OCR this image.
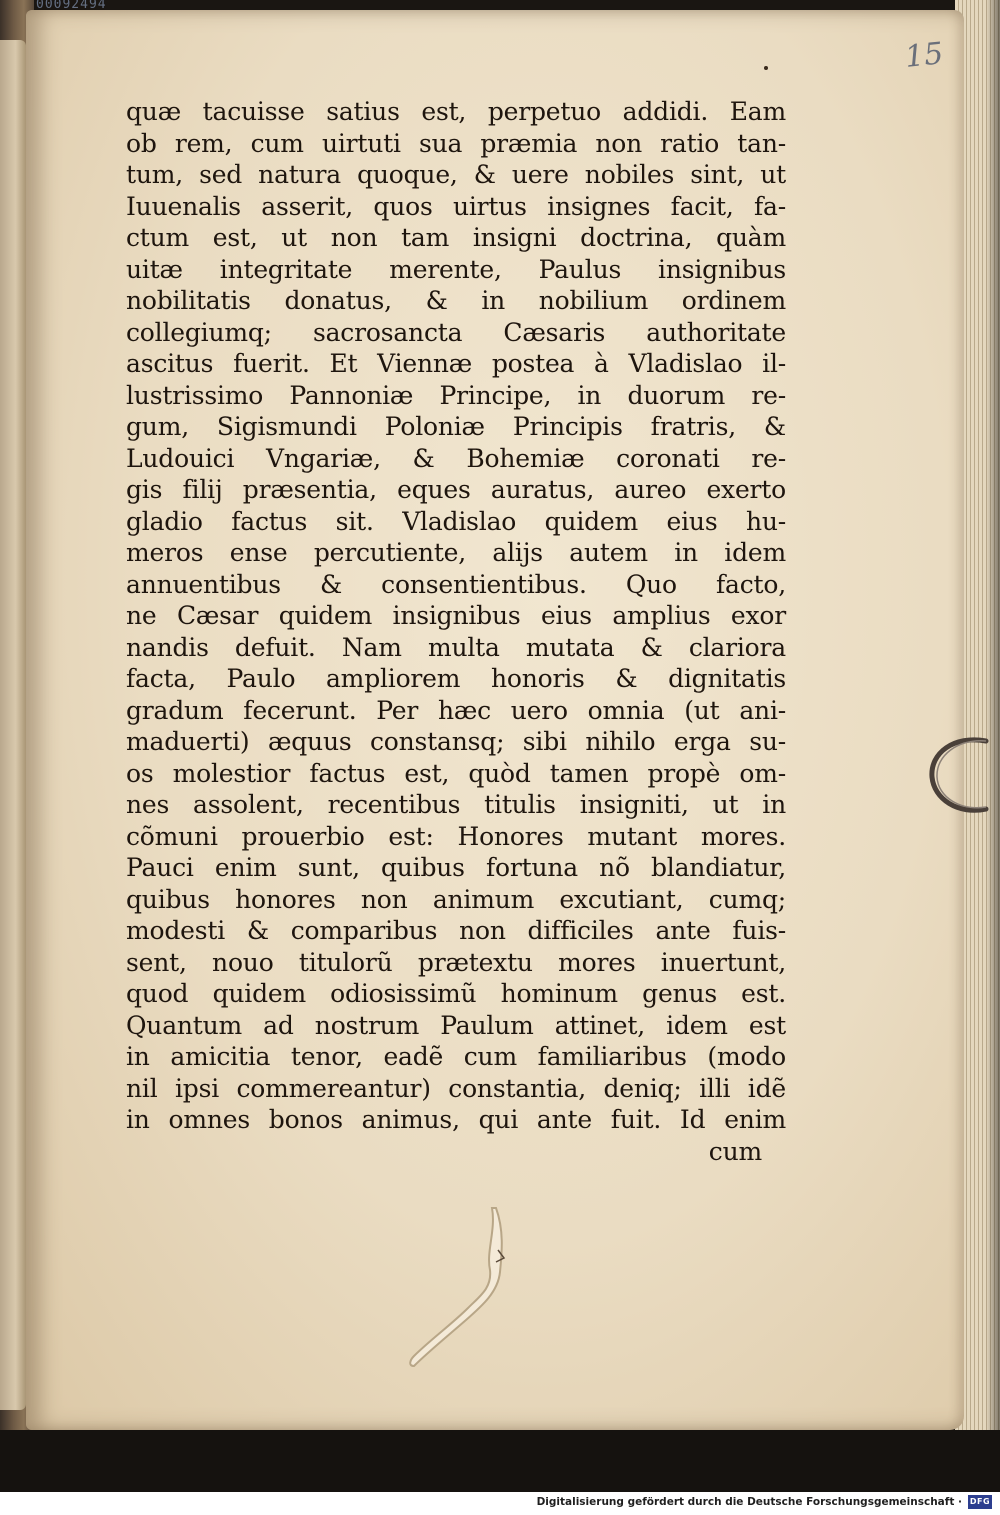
00092494
15
quæ tacuisse satius est, perpetuo addidi. Eam
ob rem, cum uirtuti sua præmia non ratio tan-
tum, sed natura quoque, & uere nobiles sint, ut
Iuuenalis asserit, quos uirtus insignes facit, fa-
ctum est, ut non tam insigni doctrina, quàm
uitæ integritate merente, Paulus insignibus
nobilitatis donatus, & in nobilium ordinem
collegiumq; sacrosancta Cæsaris authoritate
ascitus fuerit. Et Viennæ postea à Vladislao il-
lustrissimo Pannoniæ Principe, in duorum re-
gum, Sigismundi Poloniæ Principis fratris, &
Ludouici Vngariæ, & Bohemiæ coronati re-
gis filij præsentia, eques auratus, aureo exerto
gladio factus sit. Vladislao quidem eius hu-
meros ense percutiente, alijs autem in idem
annuentibus & consentientibus. Quo facto,
ne Cæsar quidem insignibus eius amplius exor
nandis defuit. Nam multa mutata & clariora
facta, Paulo ampliorem honoris & dignitatis
gradum fecerunt. Per hæc uero omnia (ut ani-
maduerti) æquus constansq; sibi nihilo erga su-
os molestior factus est, quòd tamen propè om-
nes assolent, recentibus titulis insigniti, ut in
cõmuni prouerbio est: Honores mutant mores.
Pauci enim sunt, quibus fortuna nõ blandiatur,
quibus honores non animum excutiant, cumq;
modesti & comparibus non difficiles ante fuis-
sent, nouo titulorũ prætextu mores inuertunt,
quod quidem odiosissimũ hominum genus est.
Quantum ad nostrum Paulum attinet, idem est
in amicitia tenor, eadẽ cum familiaribus (modo
nil ipsi commereantur) constantia, deniq; illi idẽ
in omnes bonos animus, qui ante fuit. Id enim
cum
Digitalisierung gefördert durch die Deutsche Forschungsgemeinschaft · DFG
